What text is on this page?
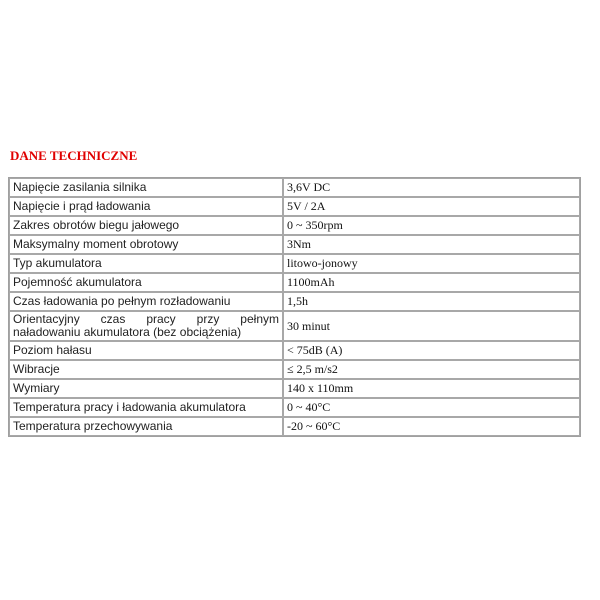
DANE TECHNICZNE
Napięcie zasilania silnika	3,6V DC
Napięcie i prąd ładowania	5V / 2A
Zakres obrotów biegu jałowego	0 ~ 350rpm
Maksymalny moment obrotowy	3Nm
Typ akumulatora	litowo-jonowy
Pojemność akumulatora	1100mAh
Czas ładowania po pełnym rozładowaniu	1,5h
Orientacyjny czas pracy przy pełnym naładowaniu akumulatora (bez obciążenia)	30 minut
Poziom hałasu	< 75dB (A)
Wibracje	≤ 2,5 m/s2
Wymiary	140 x 110mm
Temperatura pracy i ładowania akumulatora	0 ~ 40°C
Temperatura przechowywania	-20 ~ 60°C
